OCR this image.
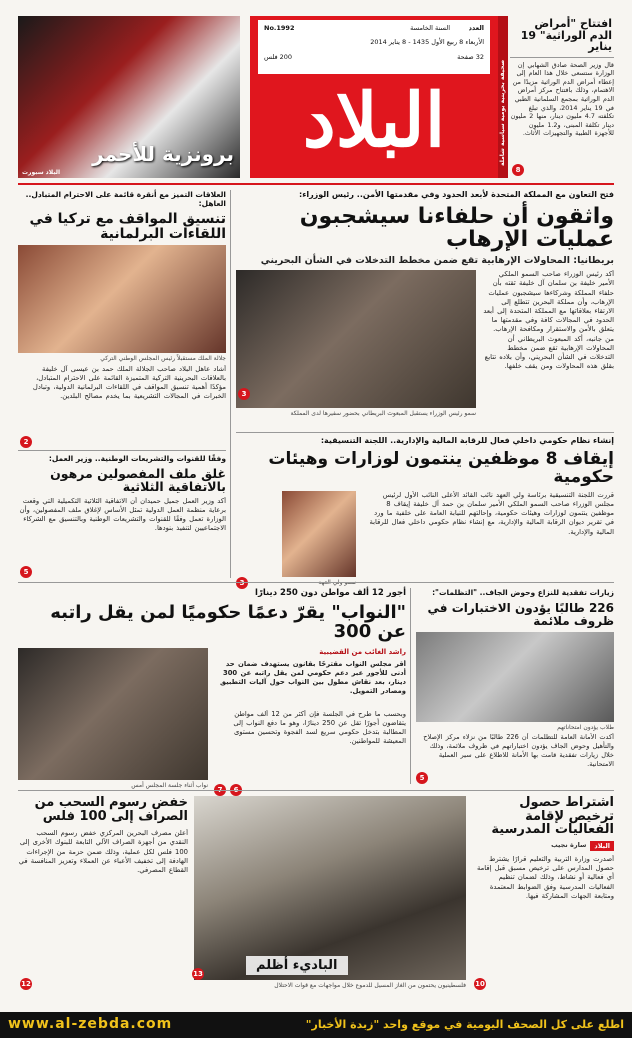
برونزية للأحمر
البلاد سبورت
البلاد
العدد
السنة الخامسة
No.1992
الأربعاء 8 ربيع الأول 1435 - 8 يناير 2014
32 صفحة
200 فلس
صحيفة بحرينية يومية سياسية شاملة
افتتاح "أمراض الدم الوراثية" 19 يناير
قال وزير الصحة صادق الشهابي إن الوزارة ستسعى خلال هذا العام إلى إعطاء أمراض الدم الوراثية مزيدًا من الاهتمام، وذلك بافتتاح مركز أمراض الدم الوراثية بمجمع السلمانية الطبي في 19 يناير 2014، والذي تبلغ تكلفته 4.7 مليون دينار، منها 2 مليون دينار تكلفة المبنى، و1.2 مليون للأجهزة الطبية والتجهيزات الأثاث.
8
العلاقات التميز مع أنقرة قائمة على الاحترام المتبادل.. العاهل:
تنسيق المواقف مع تركيا في اللقاءات البرلمانية
جلالة الملك مستقبلاً رئيس المجلس الوطني التركي
أشاد عاهل البلاد صاحب الجلالة الملك حمد بن عيسى آل خليفة بالعلاقات البحرينية التركية المتميزة القائمة على الاحترام المتبادل، مؤكدًا أهمية تنسيق المواقف في اللقاءات البرلمانية الدولية، وتبادل الخبرات في المجالات التشريعية بما يخدم مصالح البلدين.
2
وفقًا للقنوات والتشريعات الوطنية.. وزير العمل:
غلق ملف المفصولين مرهون بالاتفاقية الثلاثية
أكد وزير العمل جميل حميدان أن الاتفاقية الثلاثية التكميلية التي وقعت برعاية منظمة العمل الدولية تمثل الأساس لإغلاق ملف المفصولين، وأن الوزارة تعمل وفقًا للقنوات والتشريعات الوطنية وبالتنسيق مع الشركاء الاجتماعيين لتنفيذ بنودها.
5
فتح التعاون مع المملكة المتحدة لأبعد الحدود وفي مقدمتها الأمن.. رئيس الوزراء:
واثقون أن حلفاءنا سيشجبون عمليات الإرهاب
بريطانيا: المحاولات الإرهابية تقع ضمن مخطط التدخلات في الشأن البحريني
أكد رئيس الوزراء صاحب السمو الملكي الأمير خليفة بن سلمان آل خليفة ثقته بأن حلفاء المملكة وشركاءها سيشجبون عمليات الإرهاب، وأن مملكة البحرين تتطلع إلى الارتقاء بعلاقاتها مع المملكة المتحدة إلى أبعد الحدود في المجالات كافة وفي مقدمتها ما يتعلق بالأمن والاستقرار ومكافحة الإرهاب. من جانبه، أكد المبعوث البريطاني أن المحاولات الإرهابية تقع ضمن مخطط التدخلات في الشأن البحريني، وأن بلاده تتابع بقلق هذه المحاولات ومن يقف خلفها.
سمو رئيس الوزراء يستقبل المبعوث البريطاني بحضور سفيرها لدى المملكة
3
إنشاء نظام حكومي داخلي فعال للرقابة المالية والإدارية.. اللجنة التنسيقية:
إيقاف 8 موظفين ينتمون لوزارات وهيئات حكومية
قررت اللجنة التنسيقية برئاسة ولي العهد نائب القائد الأعلى النائب الأول لرئيس مجلس الوزراء صاحب السمو الملكي الأمير سلمان بن حمد آل خليفة إيقاف 8 موظفين ينتمون لوزارات وهيئات حكومية، وإحالتهم للنيابة العامة على خلفية ما ورد في تقرير ديوان الرقابة المالية والإدارية، مع إنشاء نظام حكومي داخلي فعال للرقابة المالية والإدارية.
أجور 12 ألف مواطن دون 250 دينارًا
"النواب" يقرّ دعمًا حكوميًا لمن يقل راتبه عن 300
نواب أثناء جلسة المجلس أمس
راشد الغائب من القضيبية
أقر مجلس النواب مقترحًا بقانون يستهدف ضمان حد أدنى للأجور عبر دعم حكومي لمن يقل راتبه عن 300 دينار، بعد نقاش مطول بين النواب حول آليات التطبيق ومصادر التمويل.
وبحسب ما طرح في الجلسة فإن أكثر من 12 ألف مواطن يتقاضون أجورًا تقل عن 250 دينارًا، وهو ما دفع النواب إلى المطالبة بتدخل حكومي سريع لسد الفجوة وتحسين مستوى المعيشة للمواطنين.
زيارات تفقدية للنزاع وحوض الجاف.. "التظلمات":
226 طالبًا يؤدون الاختبارات في ظروف ملائمة
طلاب يؤدون امتحاناتهم
أكدت الأمانة العامة للتظلمات أن 226 طالبًا من نزلاء مركز الإصلاح والتأهيل وحوض الجاف يؤدون اختباراتهم في ظروف ملائمة، وذلك خلال زيارات تفقدية قامت بها الأمانة للاطلاع على سير العملية الامتحانية.
5
خفض رسوم السحب من الصراف إلى 100 فلس
أعلن مصرف البحرين المركزي خفض رسوم السحب النقدي من أجهزة الصراف الآلي التابعة للبنوك الأخرى إلى 100 فلس لكل عملية، وذلك ضمن حزمة من الإجراءات الهادفة إلى تخفيف الأعباء عن العملاء وتعزيز المنافسة في القطاع المصرفي.
12
الباديء أظلم
13
فلسطينيون يحتمون من الغاز المسيل للدموع خلال مواجهات مع قوات الاحتلال
اشتراط حصول ترخيص لإقامة الفعاليات المدرسية
البلاد
سارة نجيب
أصدرت وزارة التربية والتعليم قرارًا يشترط حصول المدارس على ترخيص مسبق قبل إقامة أي فعالية أو نشاط، وذلك لضمان تنظيم الفعاليات المدرسية وفق الضوابط المعتمدة ومتابعة الجهات المشاركة فيها.
10
www.al-zebda.com	اطلع على كل الصحف اليومية في موقع واحد "زبدة الأخبار"
